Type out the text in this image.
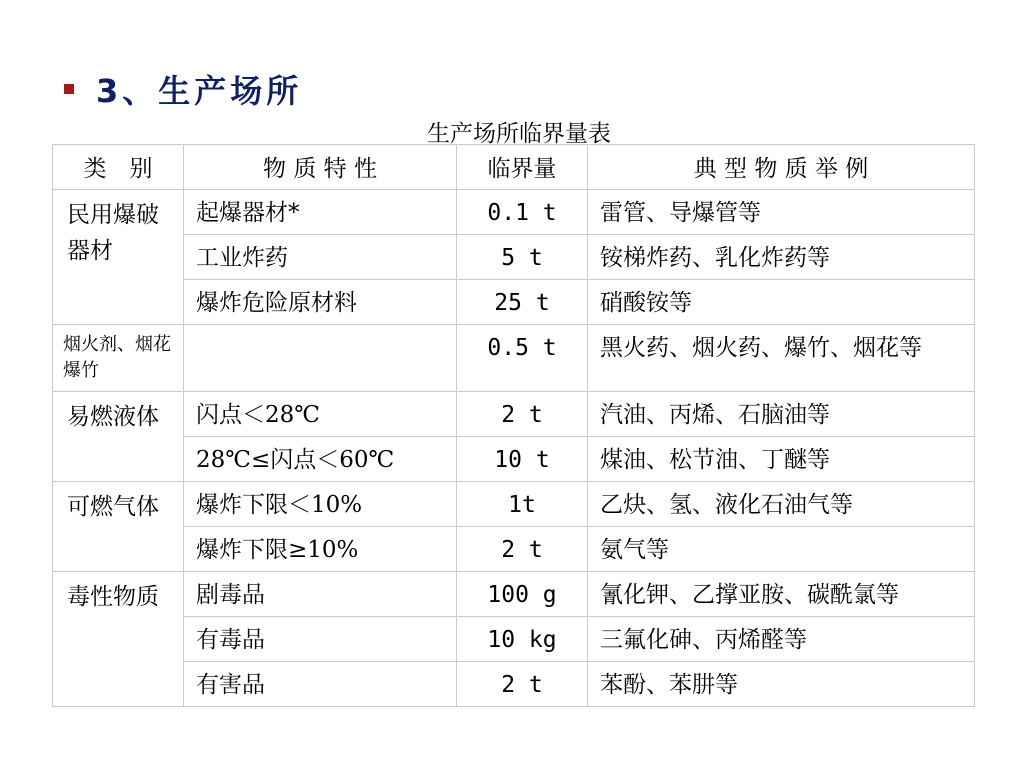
3、生产场所
生产场所临界量表
类　别	物 质 特 性	临界量	典 型 物 质 举 例
民用爆破器材	起爆器材*	0.1 t	雷管、导爆管等
	工业炸药	5 t	铵梯炸药、乳化炸药等
	爆炸危险原材料	25 t	硝酸铵等
烟火剂、烟花爆竹		0.5 t	黑火药、烟火药、爆竹、烟花等
易燃液体	闪点＜28℃	2 t	汽油、丙烯、石脑油等
	28℃≤闪点＜60℃	10 t	煤油、松节油、丁醚等
可燃气体	爆炸下限＜10%	1t	乙炔、氢、液化石油气等
	爆炸下限≥10%	2 t	氨气等
毒性物质	剧毒品	100 g	氰化钾、乙撑亚胺、碳酰氯等
	有毒品	10 kg	三氟化砷、丙烯醛等
	有害品	2 t	苯酚、苯肼等
